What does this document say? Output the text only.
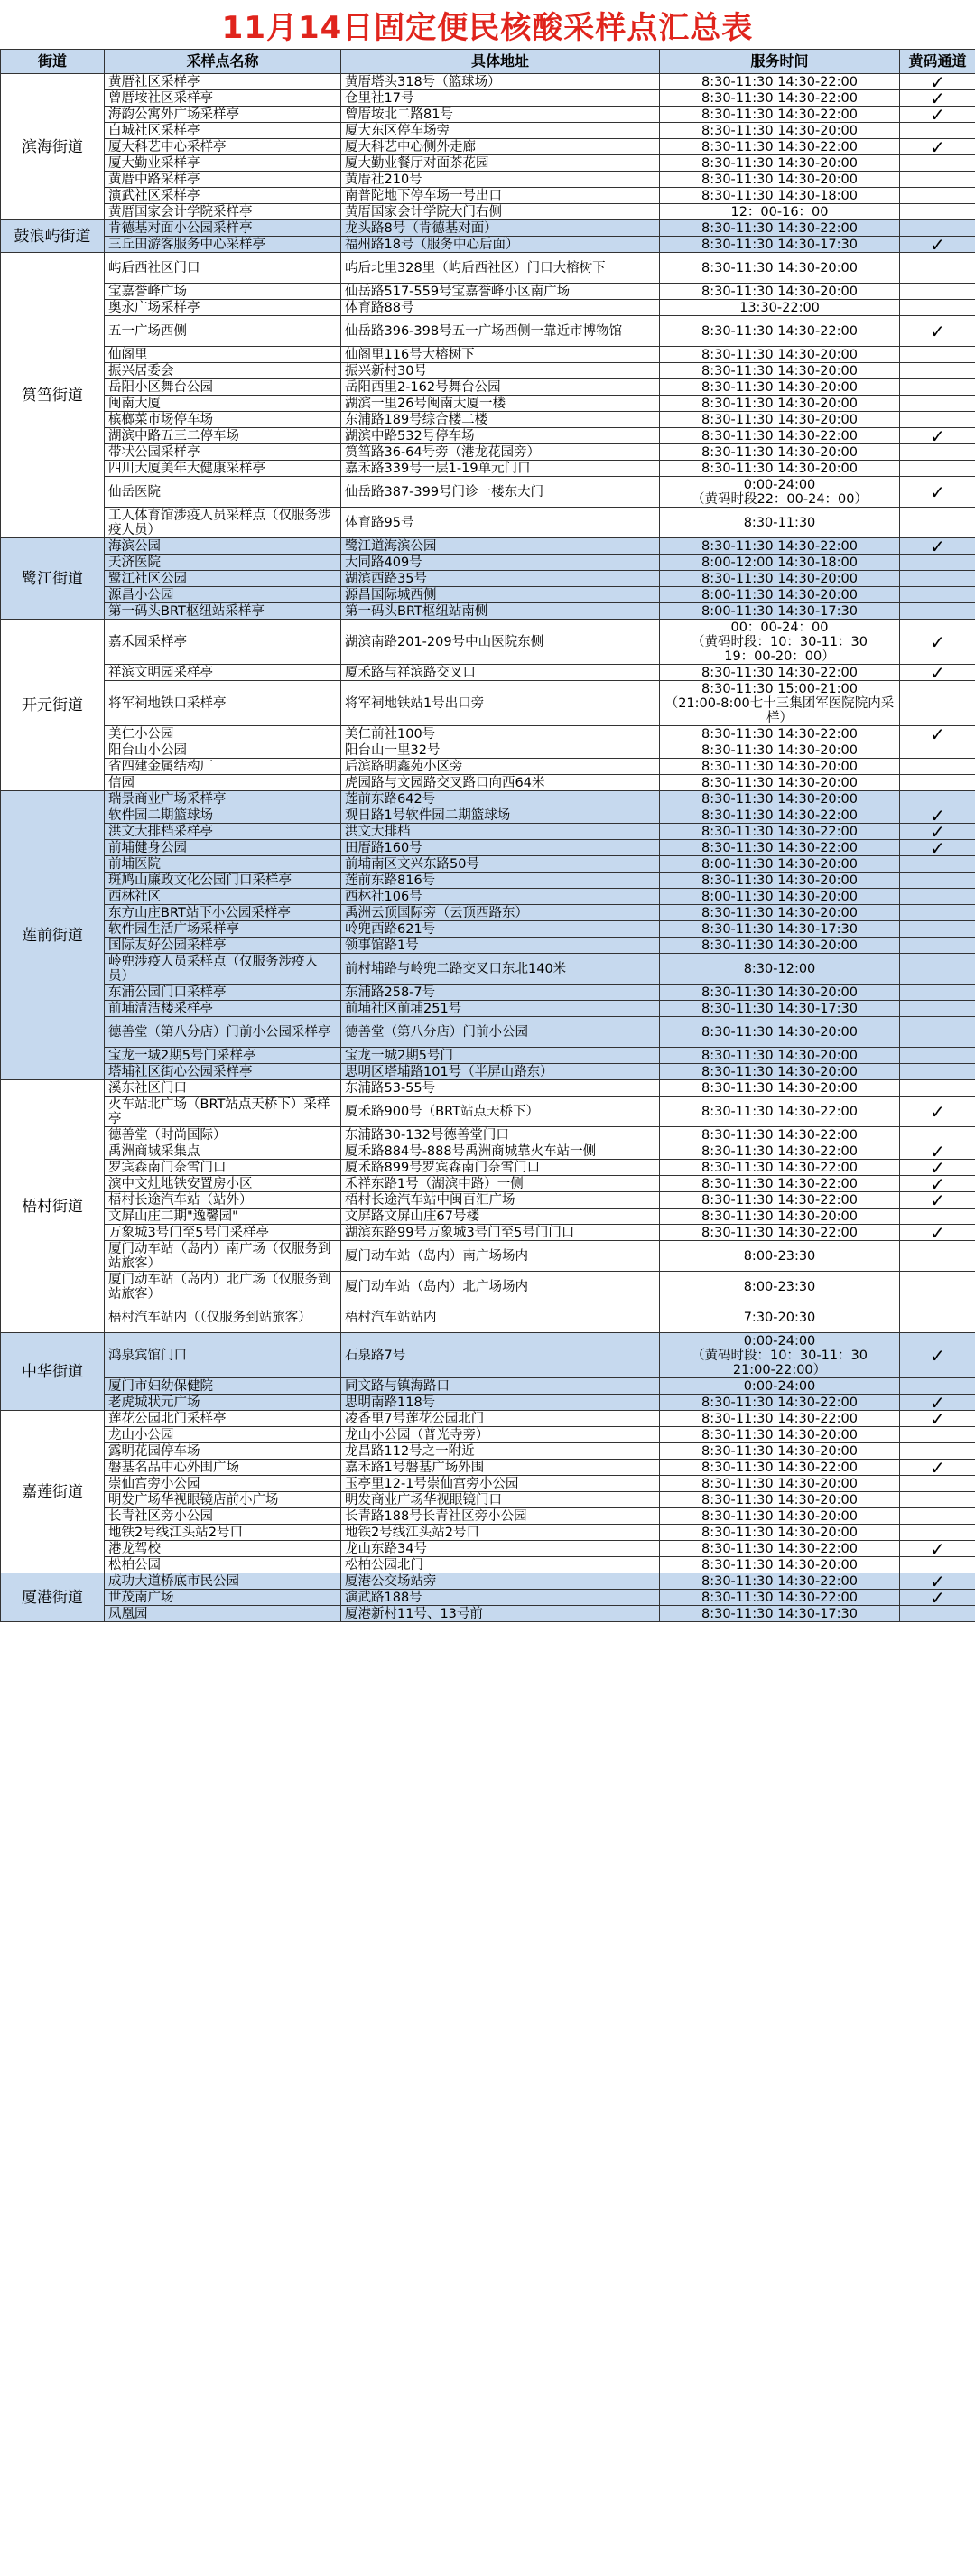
11月14日固定便民核酸采样点汇总表
街道	采样点名称	具体地址	服务时间	黄码通道
滨海街道	黄厝社区采样亭	黄厝塔头318号（篮球场）	8:30-11:30 14:30-22:00	✓
	曾厝垵社区采样亭	仓里社17号	8:30-11:30 14:30-22:00	✓
	海韵公寓外广场采样亭	曾厝垵北二路81号	8:30-11:30 14:30-22:00	✓
	白城社区采样亭	厦大东区停车场旁	8:30-11:30 14:30-20:00	
	厦大科艺中心采样亭	厦大科艺中心侧外走廊	8:30-11:30 14:30-22:00	✓
	厦大勤业采样亭	厦大勤业餐厅对面茶花园	8:30-11:30 14:30-20:00	
	黄厝中路采样亭	黄厝社210号	8:30-11:30 14:30-20:00	
	演武社区采样亭	南普陀地下停车场一号出口	8:30-11:30 14:30-18:00	
	黄厝国家会计学院采样亭	黄厝国家会计学院大门右侧	12：00-16：00	
鼓浪屿街道	肯德基对面小公园采样亭	龙头路8号（肯德基对面）	8:30-11:30 14:30-22:00	
	三丘田游客服务中心采样亭	福州路18号（服务中心后面）	8:30-11:30 14:30-17:30	✓
筼筜街道	屿后西社区门口	屿后北里328里（屿后西社区）门口大榕树下	8:30-11:30 14:30-20:00	
	宝嘉誉峰广场	仙岳路517-559号宝嘉誉峰小区南广场	8:30-11:30 14:30-20:00	
	奥永广场采样亭	体育路88号	13:30-22:00	
	五一广场西侧	仙岳路396-398号五一广场西侧一靠近市博物馆	8:30-11:30 14:30-22:00	✓
	仙阁里	仙阁里116号大榕树下	8:30-11:30 14:30-20:00	
	振兴居委会	振兴新村30号	8:30-11:30 14:30-20:00	
	岳阳小区舞台公园	岳阳西里2-162号舞台公园	8:30-11:30 14:30-20:00	
	闽南大厦	湖滨一里26号闽南大厦一楼	8:30-11:30 14:30-20:00	
	槟榔菜市场停车场	东浦路189号综合楼二楼	8:30-11:30 14:30-20:00	
	湖滨中路五三二停车场	湖滨中路532号停车场	8:30-11:30 14:30-22:00	✓
	带状公园采样亭	筼筜路36-64号旁（港龙花园旁）	8:30-11:30 14:30-20:00	
	四川大厦美年大健康采样亭	嘉禾路339号一层1-19单元门口	8:30-11:30 14:30-20:00	
	仙岳医院	仙岳路387-399号门诊一楼东大门	0:00-24:00
（黄码时段22：00-24：00）	✓
	工人体育馆涉疫人员采样点（仅服务涉疫人员）	体育路95号	8:30-11:30	
鹭江街道	海滨公园	鹭江道海滨公园	8:30-11:30 14:30-22:00	✓
	天济医院	大同路409号	8:00-12:00 14:30-18:00	
	鹭江社区公园	湖滨西路35号	8:30-11:30 14:30-20:00	
	源昌小公园	源昌国际城西侧	8:00-11:30 14:30-20:00	
	第一码头BRT枢纽站采样亭	第一码头BRT枢纽站南侧	8:00-11:30 14:30-17:30	
开元街道	嘉禾园采样亭	湖滨南路201-209号中山医院东侧	00：00-24：00
（黄码时段：10：30-11：30
19：00-20：00）	✓
	祥滨文明园采样亭	厦禾路与祥滨路交叉口	8:30-11:30 14:30-22:00	✓
	将军祠地铁口采样亭	将军祠地铁站1号出口旁	8:30-11:30 15:00-21:00
（21:00-8:00七十三集团军医院院内采样）	
	美仁小公园	美仁前社100号	8:30-11:30 14:30-22:00	✓
	阳台山小公园	阳台山一里32号	8:30-11:30 14:30-20:00	
	省四建金属结构厂	后滨路明鑫苑小区旁	8:30-11:30 14:30-20:00	
	信园	虎园路与文园路交叉路口向西64米	8:30-11:30 14:30-20:00	
莲前街道	瑞景商业广场采样亭	莲前东路642号	8:30-11:30 14:30-20:00	
	软件园二期篮球场	观日路1号软件园二期篮球场	8:30-11:30 14:30-22:00	✓
	洪文大排档采样亭	洪文大排档	8:30-11:30 14:30-22:00	✓
	前埔健身公园	田厝路160号	8:30-11:30 14:30-22:00	✓
	前埔医院	前埔南区文兴东路50号	8:00-11:30 14:30-20:00	
	斑鸠山廉政文化公园门口采样亭	莲前东路816号	8:30-11:30 14:30-20:00	
	西林社区	西林社106号	8:00-11:30 14:30-20:00	
	东方山庄BRT站下小公园采样亭	禹洲云顶国际旁（云顶西路东）	8:30-11:30 14:30-20:00	
	软件园生活广场采样亭	岭兜西路621号	8:30-11:30 14:30-17:30	
	国际友好公园采样亭	领事馆路1号	8:30-11:30 14:30-20:00	
	岭兜涉疫人员采样点（仅服务涉疫人员）	前村埔路与岭兜二路交叉口东北140米	8:30-12:00	
	东浦公园门口采样亭	东浦路258-7号	8:30-11:30 14:30-20:00	
	前埔清洁楼采样亭	前埔社区前埔251号	8:30-11:30 14:30-17:30	
	德善堂（第八分店）门前小公园采样亭	德善堂（第八分店）门前小公园	8:30-11:30 14:30-20:00	
	宝龙一城2期5号门采样亭	宝龙一城2期5号门	8:30-11:30 14:30-20:00	
	塔埔社区街心公园采样亭	思明区塔埔路101号（半屏山路东）	8:30-11:30 14:30-20:00	
梧村街道	溪东社区门口	东浦路53-55号	8:30-11:30 14:30-20:00	
	火车站北广场（BRT站点天桥下）采样亭	厦禾路900号（BRT站点天桥下）	8:30-11:30 14:30-22:00	✓
	德善堂（时尚国际）	东浦路30-132号德善堂门口	8:30-11:30 14:30-22:00	
	禹洲商城采集点	厦禾路884号-888号禹洲商城靠火车站一侧	8:30-11:30 14:30-22:00	✓
	罗宾森南门奈雪门口	厦禾路899号罗宾森南门奈雪门口	8:30-11:30 14:30-22:00	✓
	滨中文灶地铁安置房小区	禾祥东路1号（湖滨中路）一侧	8:30-11:30 14:30-22:00	✓
	梧村长途汽车站（站外）	梧村长途汽车站中闽百汇广场	8:30-11:30 14:30-22:00	✓
	文屏山庄二期"逸馨园"	文屏路文屏山庄67号楼	8:30-11:30 14:30-20:00	
	万象城3号门至5号门采样亭	湖滨东路99号万象城3号门至5号门门口	8:30-11:30 14:30-22:00	✓
	厦门动车站（岛内）南广场（仅服务到站旅客）	厦门动车站（岛内）南广场场内	8:00-23:30	
	厦门动车站（岛内）北广场（仅服务到站旅客）	厦门动车站（岛内）北广场场内	8:00-23:30	
	梧村汽车站内（（仅服务到站旅客）	梧村汽车站站内	7:30-20:30	
中华街道	鸿泉宾馆门口	石泉路7号	0:00-24:00
（黄码时段：10：30-11：30
21:00-22:00）	✓
	厦门市妇幼保健院	同文路与镇海路口	0:00-24:00	
	老虎城状元广场	思明南路118号	8:30-11:30 14:30-22:00	✓
嘉莲街道	莲花公园北门采样亭	凌香里7号莲花公园北门	8:30-11:30 14:30-22:00	✓
	龙山小公园	龙山小公园（普光寺旁）	8:30-11:30 14:30-20:00	
	露明花园停车场	龙昌路112号之一附近	8:30-11:30 14:30-20:00	
	磐基名品中心外围广场	嘉禾路1号磐基广场外围	8:30-11:30 14:30-22:00	✓
	崇仙宫旁小公园	玉亭里12-1号崇仙宫旁小公园	8:30-11:30 14:30-20:00	
	明发广场华视眼镜店前小广场	明发商业广场华视眼镜门口	8:30-11:30 14:30-20:00	
	长青社区旁小公园	长青路188号长青社区旁小公园	8:30-11:30 14:30-20:00	
	地铁2号线江头站2号口	地铁2号线江头站2号口	8:30-11:30 14:30-20:00	
	港龙驾校	龙山东路34号	8:30-11:30 14:30-22:00	✓
	松柏公园	松柏公园北门	8:30-11:30 14:30-20:00	
厦港街道	成功大道桥底市民公园	厦港公交场站旁	8:30-11:30 14:30-22:00	✓
	世茂南广场	演武路188号	8:30-11:30 14:30-22:00	✓
	凤凰园	厦港新村11号、13号前	8:30-11:30 14:30-17:30	
